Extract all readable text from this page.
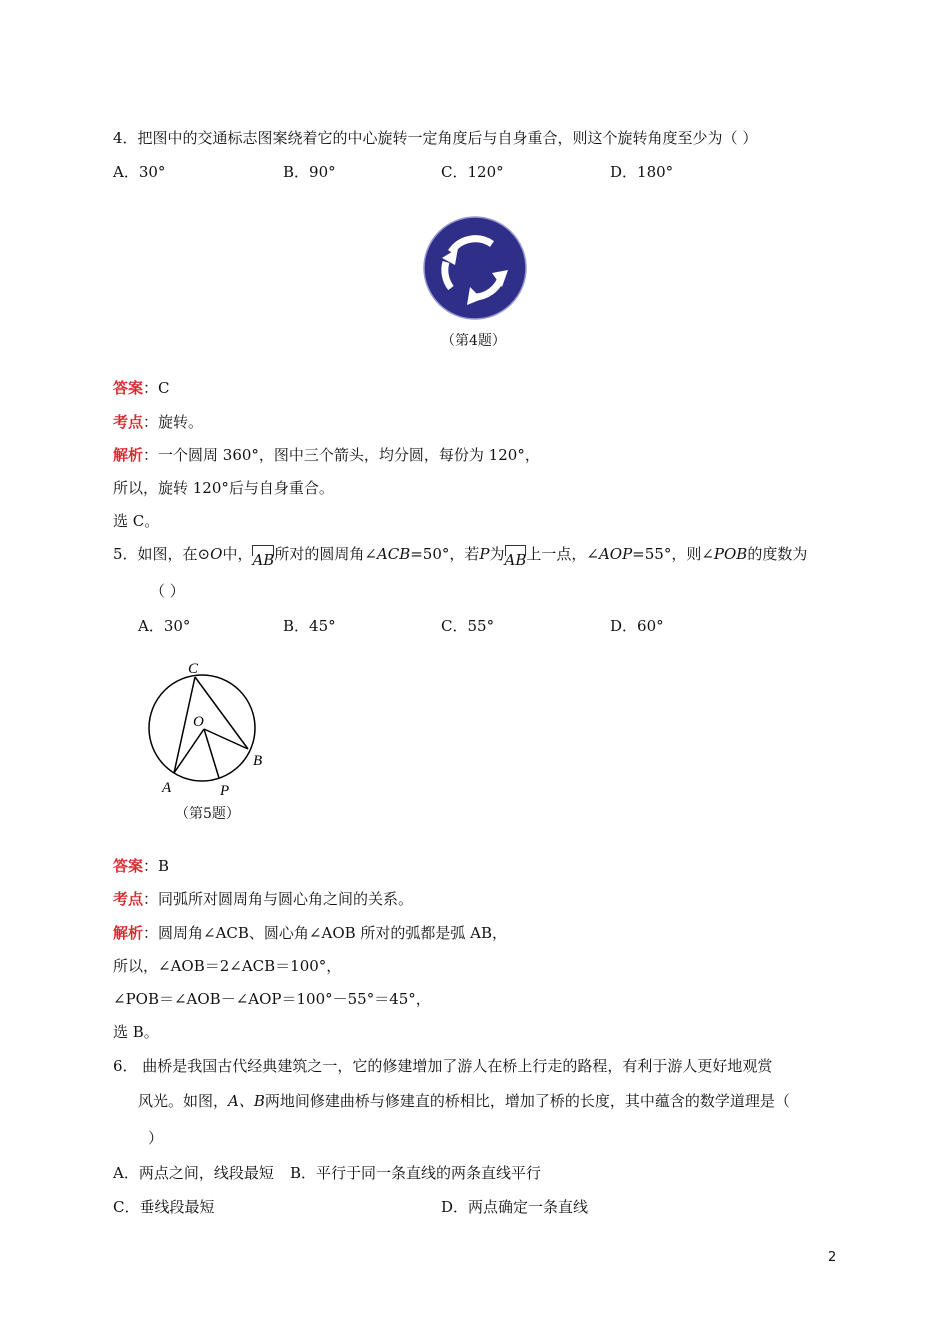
4．把图中的交通标志图案绕着它的中心旋转一定角度后与自身重合，则这个旋转角度至少为（ ）
A．30°	B．90°	C．120°	D．180°
（第4题）
答案：C
考点：旋转。
解析：一个圆周 360°，图中三个箭头，均分圆，每份为 120°，
所以，旋转 120°后与自身重合。
选 C。
5．如图，在⊙O中，AB所对的圆周角∠ACB=50°，若P为AB上一点，∠AOP=55°，则∠POB的度数为
（ ）
A．30°	B．45°	C．55°	D．60°
C
O
B
A	P
（第5题）
答案：B
考点：同弧所对圆周角与圆心角之间的关系。
解析：圆周角∠ACB、圆心角∠AOB 所对的弧都是弧 AB，
所以，∠AOB＝2∠ACB＝100°，
∠POB＝∠AOB－∠AOP＝100°－55°＝45°，
选 B。
6． 曲桥是我国古代经典建筑之一，它的修建增加了游人在桥上行走的路程，有利于游人更好地观赏
风光。如图，A、B两地间修建曲桥与修建直的桥相比，增加了桥的长度，其中蕴含的数学道理是（
）
A．两点之间，线段最短 B．平行于同一条直线的两条直线平行
C．垂线段最短	D．两点确定一条直线
2
